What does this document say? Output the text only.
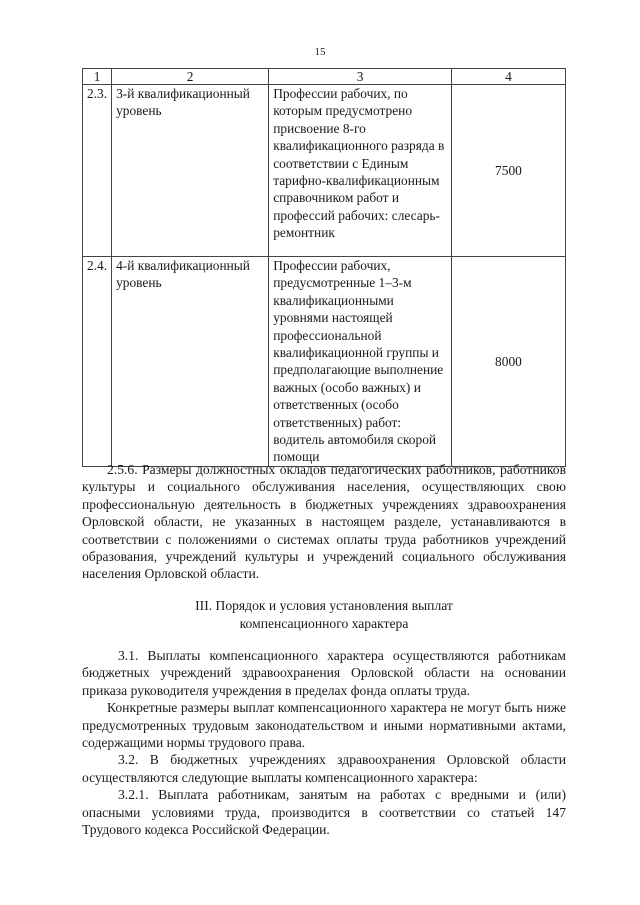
15
1	2	3	4
2.3.	3-й квалификационный уровень	Профессии рабочих, по которым предусмотрено присвоение 8-го квалификационного разряда в соответствии с Единым тарифно-квалификационным справочником работ и профессий рабочих: слесарь-ремонтник	7500
2.4.	4-й квалификационный уровень	Профессии рабочих, предусмотренные 1–3-м квалификационными уровнями настоящей профессиональной квалификационной группы и предполагающие выполнение важных (особо важных) и ответственных (особо ответственных) работ: водитель автомобиля скорой помощи	8000

2.5.6. Размеры должностных окладов педагогических работников, работников культуры и социального обслуживания населения, осуществляющих свою профессиональную деятельность в бюджетных учреждениях здравоохранения Орловской области, не указанных в настоящем разделе, устанавливаются в соответствии с положениями о системах оплаты труда работников учреждений образования, учреждений культуры и учреждений социального обслуживания населения Орловской области.

III. Порядок и условия установления выплат
компенсационного характера

3.1. Выплаты компенсационного характера осуществляются работникам бюджетных учреждений здравоохранения Орловской области на основании приказа руководителя учреждения в пределах фонда оплаты труда.

Конкретные размеры выплат компенсационного характера не могут быть ниже предусмотренных трудовым законодательством и иными нормативными актами, содержащими нормы трудового права.

3.2. В бюджетных учреждениях здравоохранения Орловской области осуществляются следующие выплаты компенсационного характера:

3.2.1. Выплата работникам, занятым на работах с вредными и (или) опасными условиями труда, производится в соответствии со статьей 147 Трудового кодекса Российской Федерации.
